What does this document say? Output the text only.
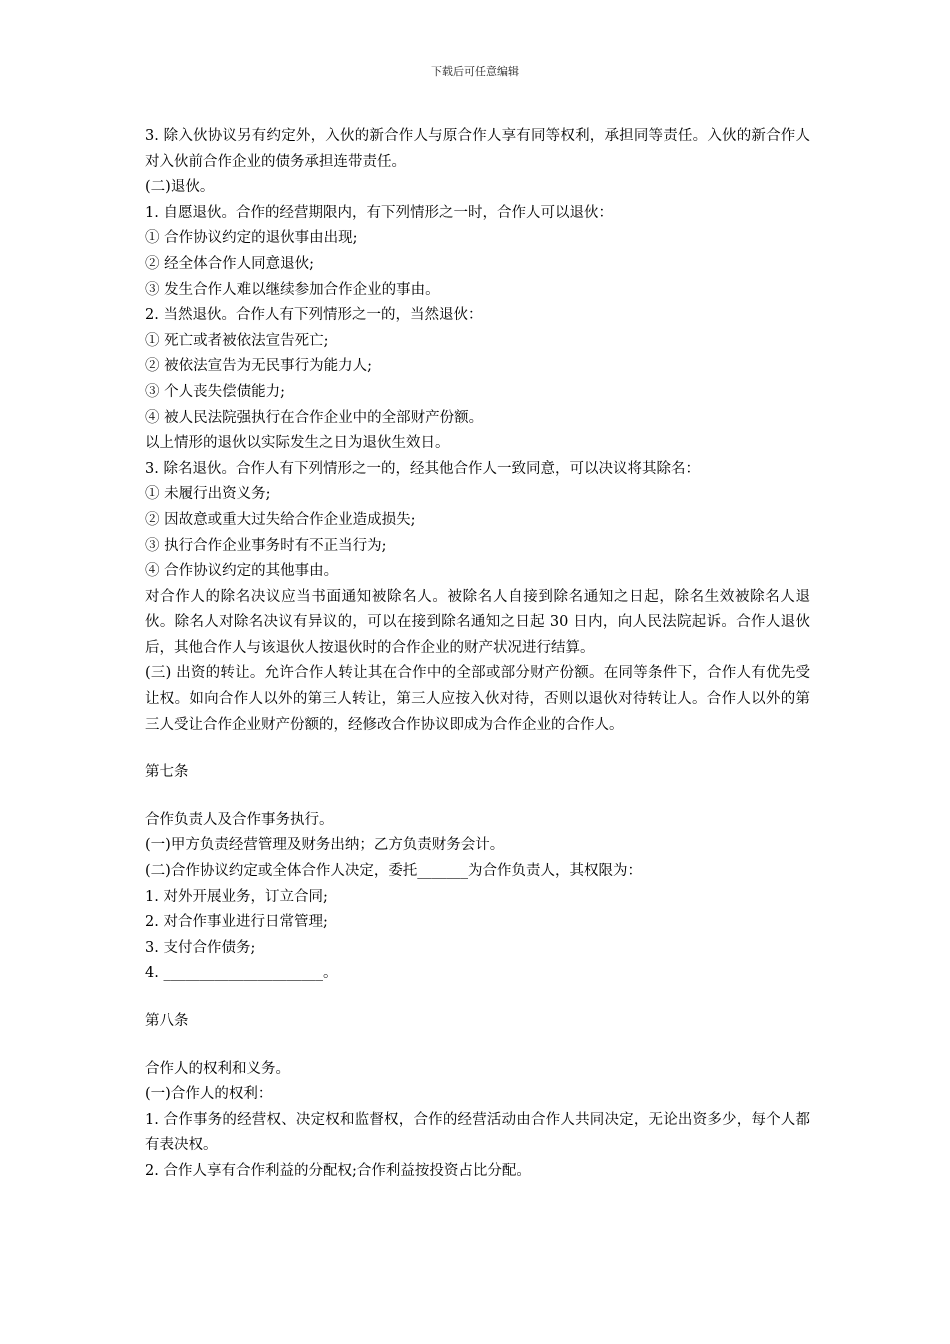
下载后可任意编辑

3. 除入伙协议另有约定外，入伙的新合作人与原合作人享有同等权利，承担同等责任。入伙的新合作人对入伙前合作企业的债务承担连带责任。

(二)退伙。

1. 自愿退伙。合作的经营期限内，有下列情形之一时，合作人可以退伙：

① 合作协议约定的退伙事由出现;

② 经全体合作人同意退伙;

③ 发生合作人难以继续参加合作企业的事由。

2. 当然退伙。合作人有下列情形之一的，当然退伙：

① 死亡或者被依法宣告死亡;

② 被依法宣告为无民事行为能力人;

③ 个人丧失偿债能力;

④ 被人民法院强执行在合作企业中的全部财产份额。

以上情形的退伙以实际发生之日为退伙生效日。

3. 除名退伙。合作人有下列情形之一的，经其他合作人一致同意，可以决议将其除名：

① 未履行出资义务;

② 因故意或重大过失给合作企业造成损失;

③ 执行合作企业事务时有不正当行为;

④ 合作协议约定的其他事由。

对合作人的除名决议应当书面通知被除名人。被除名人自接到除名通知之日起，除名生效被除名人退伙。除名人对除名决议有异议的，可以在接到除名通知之日起 30 日内，向人民法院起诉。合作人退伙后，其他合作人与该退伙人按退伙时的合作企业的财产状况进行结算。

(三) 出资的转让。允许合作人转让其在合作中的全部或部分财产份额。在同等条件下，合作人有优先受让权。如向合作人以外的第三人转让，第三人应按入伙对待，否则以退伙对待转让人。合作人以外的第三人受让合作企业财产份额的，经修改合作协议即成为合作企业的合作人。

第七条

合作负责人及合作事务执行。

(一)甲方负责经营管理及财务出纳；乙方负责财务会计。

(二)合作协议约定或全体合作人决定，委托_______为合作负责人，其权限为：

1. 对外开展业务，订立合同;

2. 对合作事业进行日常管理;

3. 支付合作债务;

4. ______________________。

第八条

合作人的权利和义务。

(一)合作人的权利：

1. 合作事务的经营权、决定权和监督权，合作的经营活动由合作人共同决定，无论出资多少，每个人都有表决权。

2. 合作人享有合作利益的分配权;合作利益按投资占比分配。
